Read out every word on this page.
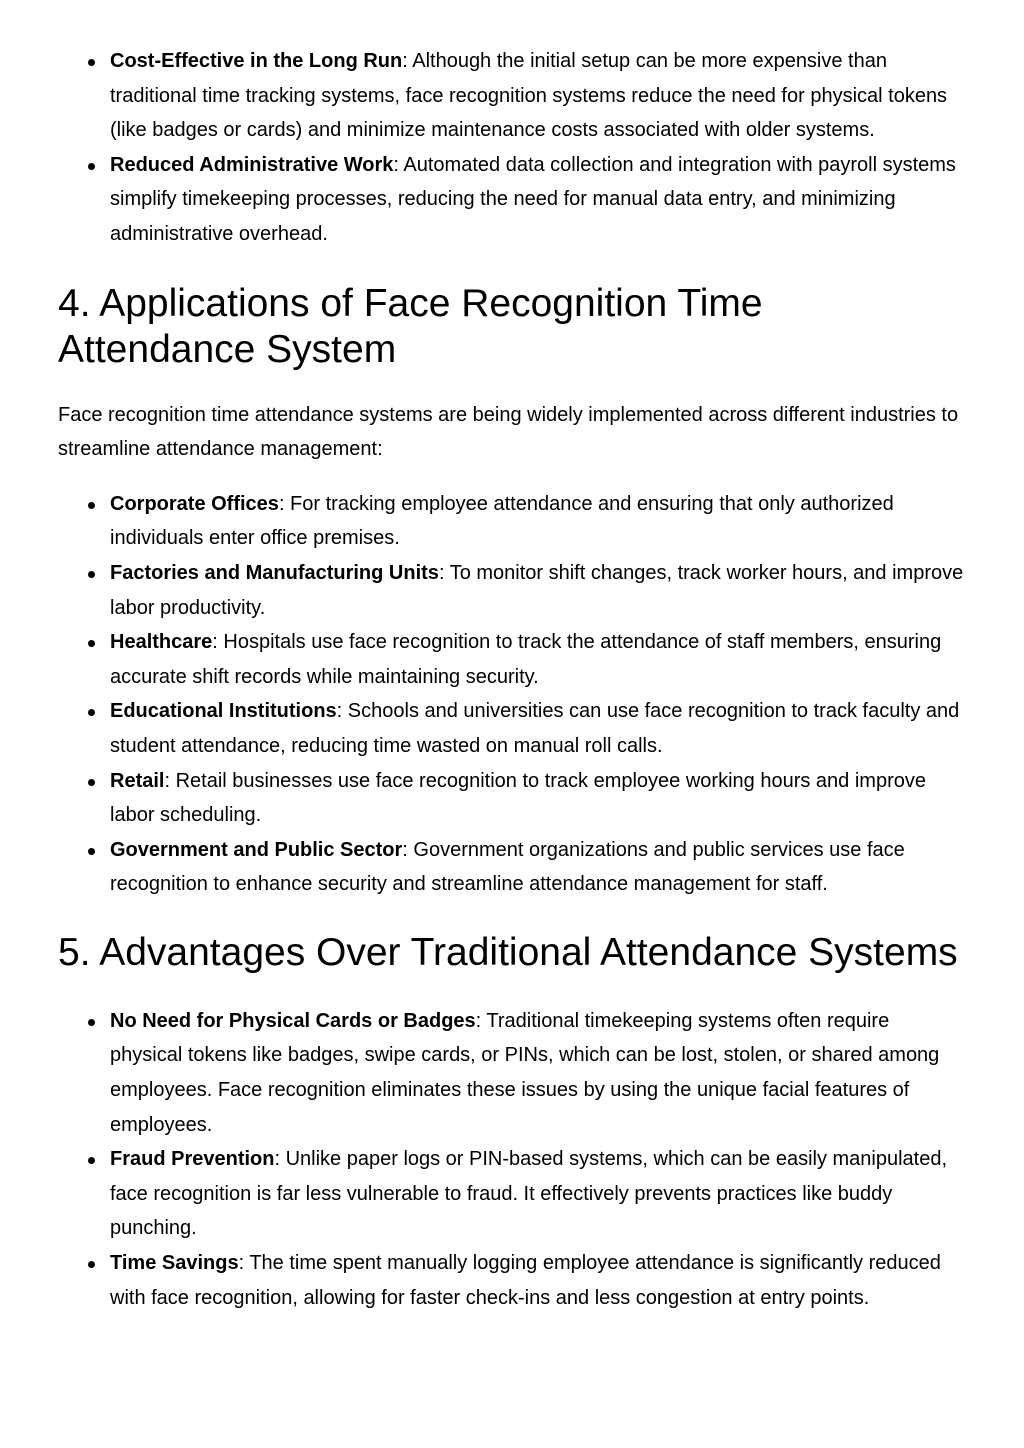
Cost-Effective in the Long Run: Although the initial setup can be more expensive than traditional time tracking systems, face recognition systems reduce the need for physical tokens (like badges or cards) and minimize maintenance costs associated with older systems.
Reduced Administrative Work: Automated data collection and integration with payroll systems simplify timekeeping processes, reducing the need for manual data entry, and minimizing administrative overhead.
4. Applications of Face Recognition Time Attendance System

Face recognition time attendance systems are being widely implemented across different industries to streamline attendance management:

Corporate Offices: For tracking employee attendance and ensuring that only authorized individuals enter office premises.
Factories and Manufacturing Units: To monitor shift changes, track worker hours, and improve labor productivity.
Healthcare: Hospitals use face recognition to track the attendance of staff members, ensuring accurate shift records while maintaining security.
Educational Institutions: Schools and universities can use face recognition to track faculty and student attendance, reducing time wasted on manual roll calls.
Retail: Retail businesses use face recognition to track employee working hours and improve labor scheduling.
Government and Public Sector: Government organizations and public services use face recognition to enhance security and streamline attendance management for staff.
5. Advantages Over Traditional Attendance Systems
No Need for Physical Cards or Badges: Traditional timekeeping systems often require physical tokens like badges, swipe cards, or PINs, which can be lost, stolen, or shared among employees. Face recognition eliminates these issues by using the unique facial features of employees.
Fraud Prevention: Unlike paper logs or PIN-based systems, which can be easily manipulated, face recognition is far less vulnerable to fraud. It effectively prevents practices like buddy punching.
Time Savings: The time spent manually logging employee attendance is significantly reduced with face recognition, allowing for faster check-ins and less congestion at entry points.
